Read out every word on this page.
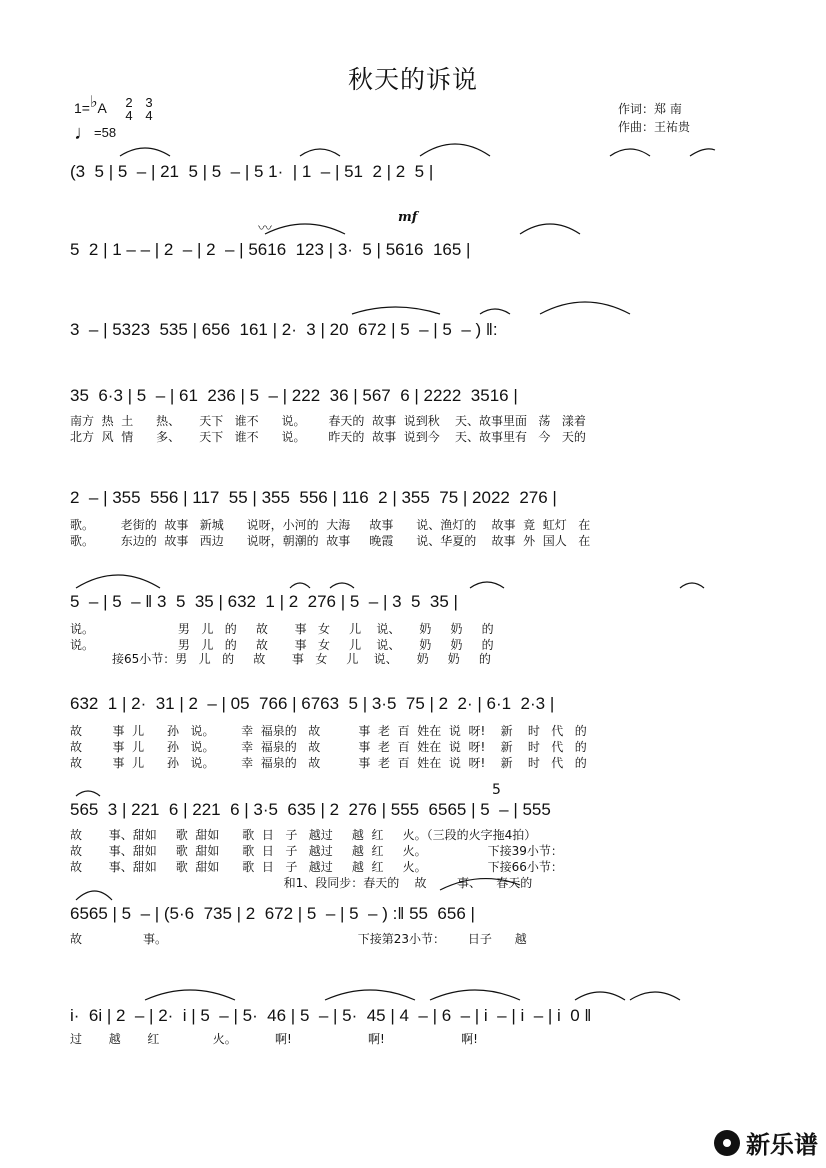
秋天的诉说
1=♭A 2
4
3
4
♩=58
作词：郑 南
作曲：王祐贵
(3  5 | 5  – | 21  5 | 5  – | 5 1·  | 1  – | 51  2 | 2  5 |
5  2 | 1 – – | 2  – | 2  – | 5616  123 | 3·  5 | 5616  165 |
3  – | 5323  535 | 656  161 | 2·  3 | 20  672 | 5  – | 5  – ) ‖:
35  6·3 | 5  – | 61  236 | 5  – | 222  36 | 567  6 | 2222  3516 |
2  – | 355  556 | 117  55 | 355  556 | 116  2 | 355  75 | 2022  276 |
5  – | 5  – ‖ 3  5  35 | 632  1 | 2  276 | 5  – | 3  5  35 |
632  1 | 2·  31 | 2  – | 05  766 | 6763  5 | 3·5  75 | 2  2· | 6·1  2·3 |
565  3 | 221  6 | 221  6 | 3·5  635 | 2  276 | 555  6565 | 5  – | 555
6565 | 5  – | (5·6  735 | 2  672 | 5  – | 5  – ) :‖ 55  656 |
i·  6i | 2  – | 2·  i | 5  – | 5·  46 | 5  – | 5·  45 | 4  – | 6  – | i  – | i  – | i  0 ‖
mf
〰
5
南方  热  土      热、     天下   谁不      说。      春天的  故事  说到秋    天、故事里面   荡   漾着
北方  风  情      多、     天下   谁不      说。      昨天的  故事  说到今    天、故事里有   今   天的
歌。       老街的  故事   新城      说呀，小河的  大海     故事      说、渔灯的    故事  竟  虹灯   在
歌。       东边的  故事   西边      说呀，朝潮的  故事     晚霞      说、华夏的    故事  外  国人   在
说。                      男   儿   的     故       事   女     儿    说、     奶     奶     的
说。                      男   儿   的     故       事   女     儿    说、     奶     奶     的
接65小节：男   儿   的     故       事   女     儿    说、     奶     奶     的
故        事  儿      孙   说。       幸  福泉的   故          事  老  百  姓在  说  呀!    新    时   代   的
故        事  儿      孙   说。       幸  福泉的   故          事  老  百  姓在  说  呀!    新    时   代   的
故        事  儿      孙   说。       幸  福泉的   故          事  老  百  姓在  说  呀!    新    时   代   的
故       事、甜如     歌  甜如      歌  日   子   越过     越  红     火。（三段的火字拖4拍）
故       事、甜如     歌  甜如      歌  日   子   越过     越  红     火。                下接39小节：
故       事、甜如     歌  甜如      歌  日   子   越过     越  红     火。                下接66小节：
和1、段同步：春天的    故        事、    春天的
故                事。                                                  下接第23小节：      日子      越
过       越       红              火。          啊!                    啊!                    啊!
新乐谱
